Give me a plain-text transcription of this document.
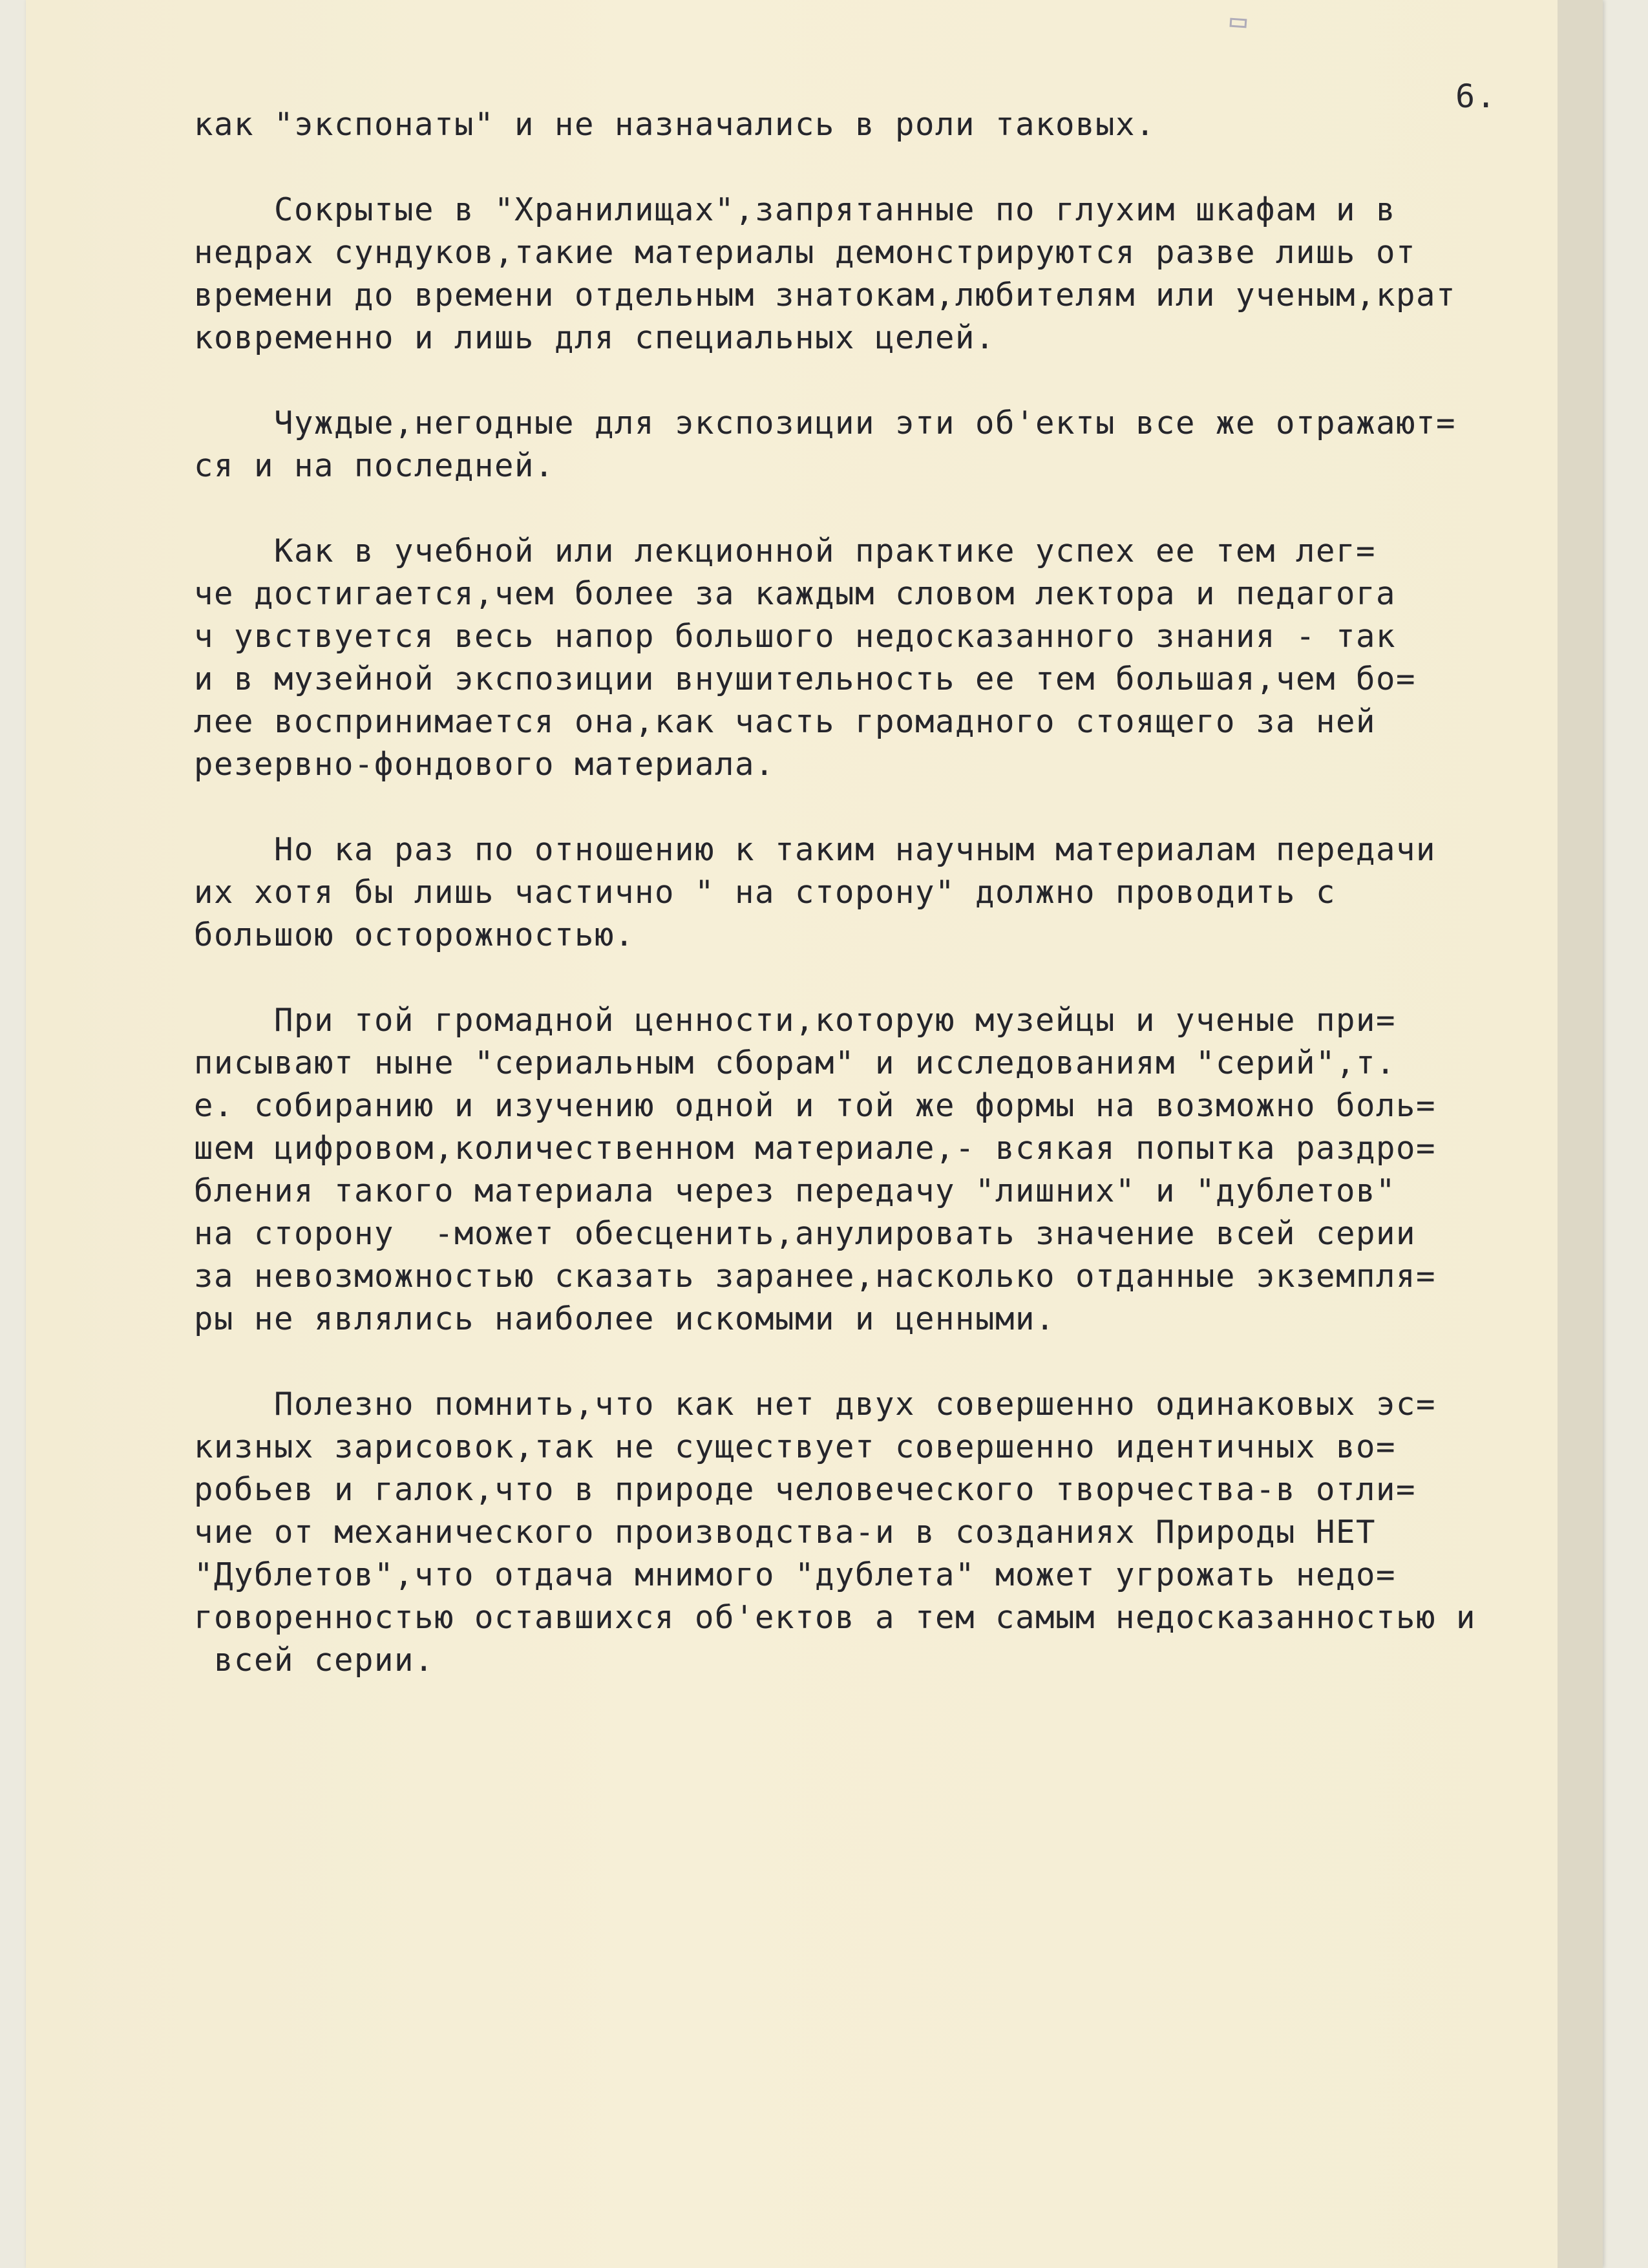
6.
как "экспонаты" и не назначались в роли таковых.
Сокрытые в "Хранилищах",запрятанные по глухим шкафам и в
недрах сундуков,такие материалы демонстрируются разве лишь от
времени до времени отдельным знатокам,любителям или ученым,крат
ковременно и лишь для специальных целей.
Чуждые,негодные для экспозиции эти об'екты все же отражают=
ся и на последней.
Как в учебной или лекционной практике успех ее тем лег=
че достигается,чем более за каждым словом лектора и педагога
ч увствуется весь напор большого недосказанного знания - так
и в музейной экспозиции внушительность ее тем большая,чем бо=
лее воспринимается она,как часть громадного стоящего за ней
резервно-фондового материала.
Но ка раз по отношению к таким научным материалам передачи
их хотя бы лишь частично " на сторону" должно проводить с
большою осторожностью.
При той громадной ценности,которую музейцы и ученые при=
писывают ныне "сериальным сборам" и исследованиям "серий",т.
е. собиранию и изучению одной и той же формы на возможно боль=
шем цифровом,количественном материале,- всякая попытка раздро=
бления такого материала через передачу "лишних" и "дублетов"
на сторону  -может обесценить,анулировать значение всей серии
за невозможностью сказать заранее,насколько отданные экземпля=
ры не являлись наиболее искомыми и ценными.
Полезно помнить,что как нет двух совершенно одинаковых эс=
кизных зарисовок,так не существует совершенно идентичных во=
робьев и галок,что в природе человеческого творчества-в отли=
чие от механического производства-и в созданиях Природы НЕТ
"Дублетов",что отдача мнимого "дублета" может угрожать недо=
говоренностью оставшихся об'ектов а тем самым недосказанностью и
всей серии.
